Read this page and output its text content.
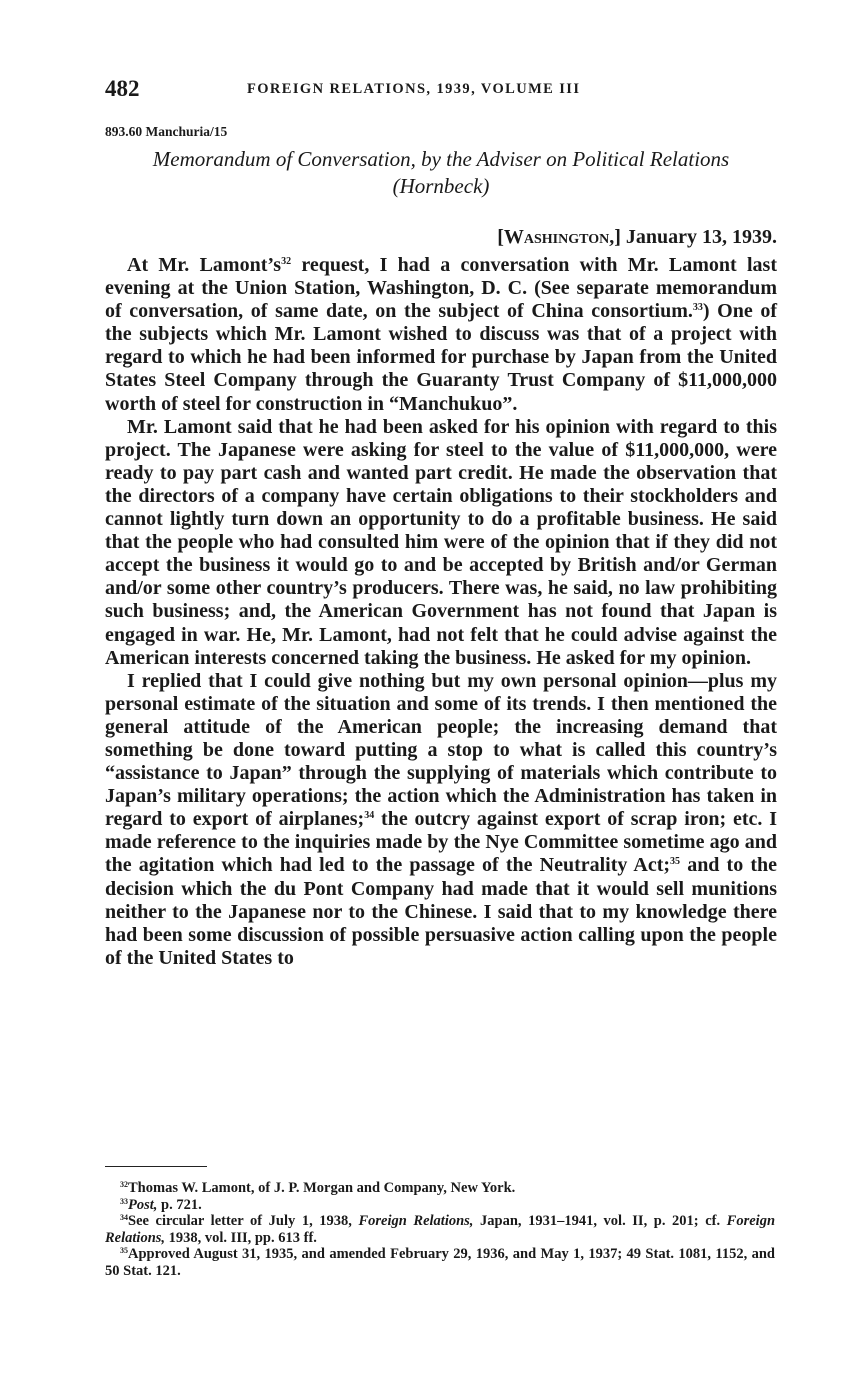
482	FOREIGN RELATIONS, 1939, VOLUME III
893.60 Manchuria/15
Memorandum of Conversation, by the Adviser on Political Relations
(Hornbeck)
[Washington,] January 13, 1939.

At Mr. $Lamont’s^{32}$ request, I had a conversation with Mr. Lamont last evening at the Union Station, Washington, D. C. (See separate memorandum of conversation, of same date, on the subject of China consortium.$^{33}$) One of the subjects which Mr. Lamont wished to discuss was that of a project with regard to which he had been informed for purchase by Japan from the United States Steel Company through the Guaranty Trust Company of $11,000,000 worth of steel for construction in “Manchukuo”.

Mr. Lamont said that he had been asked for his opinion with regard to this project. The Japanese were asking for steel to the value of $11,000,000, were ready to pay part cash and wanted part credit. He made the observation that the directors of a company have certain obligations to their stockholders and cannot lightly turn down an opportunity to do a profitable business. He said that the people who had consulted him were of the opinion that if they did not accept the business it would go to and be accepted by British and/or German and/or some other country’s producers. There was, he said, no law prohibiting such business; and, the American Government has not found that Japan is engaged in war. He, Mr. Lamont, had not felt that he could advise against the American interests concerned taking the business. He asked for my opinion.

I replied that I could give nothing but my own personal opinion—plus my personal estimate of the situation and some of its trends. I then mentioned the general attitude of the American people; the increasing demand that something be done toward putting a stop to what is called this country’s “assistance to Japan” through the supplying of materials which contribute to Japan’s military operations; the action which the Administration has taken in regard to export of airplanes;$^{34}$ the outcry against export of scrap iron; etc. I made reference to the inquiries made by the Nye Committee sometime ago and the agitation which had led to the passage of the Neutrality Act;$^{35}$ and to the decision which the du Pont Company had made that it would sell munitions neither to the Japanese nor to the Chinese. I said that to my knowledge there had been some discussion of possible persuasive action calling upon the people of the United States to

$^{32}$Thomas W. Lamont, of J. P. Morgan and Company, New York.
$^{33}$Post, p. 721.
$^{34}$See circular letter of July 1, 1938, Foreign Relations, Japan, 1931–1941, vol. II, p. 201; cf. Foreign Relations, 1938, vol. III, pp. 613 ff.
$^{35}$Approved August 31, 1935, and amended February 29, 1936, and May 1, 1937; 49 Stat. 1081, 1152, and 50 Stat. 121.
